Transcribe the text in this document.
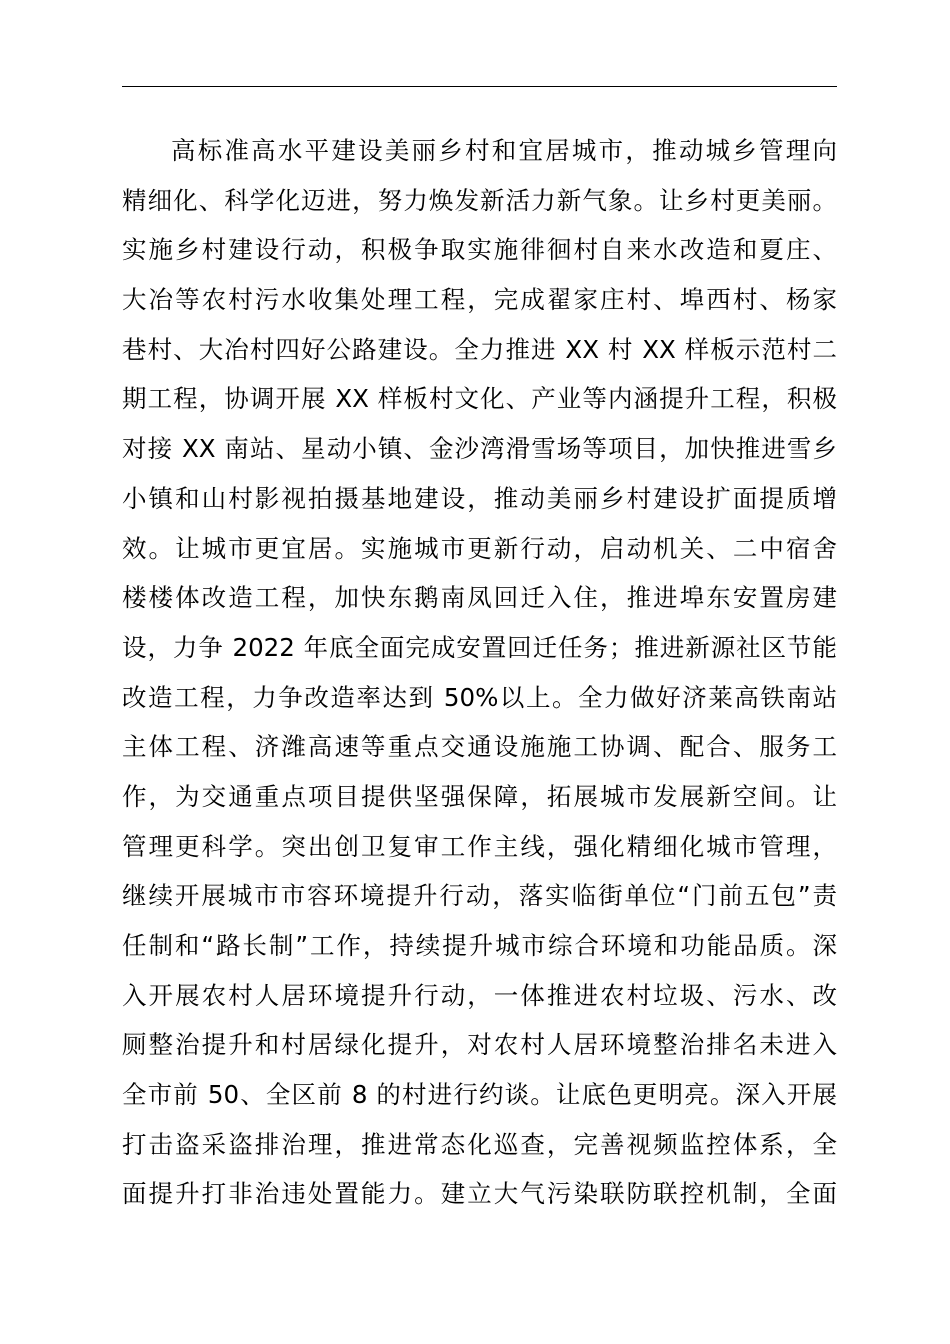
高标准高水平建设美丽乡村和宜居城市，推动城乡管理向
精细化、科学化迈进，努力焕发新活力新气象。让乡村更美丽。
实施乡村建设行动，积极争取实施徘徊村自来水改造和夏庄、
大冶等农村污水收集处理工程，完成翟家庄村、埠西村、杨家
巷村、大冶村四好公路建设。全力推进 XX 村 XX 样板示范村二
期工程，协调开展 XX 样板村文化、产业等内涵提升工程，积极
对接 XX 南站、星动小镇、金沙湾滑雪场等项目，加快推进雪乡
小镇和山村影视拍摄基地建设，推动美丽乡村建设扩面提质增
效。让城市更宜居。实施城市更新行动，启动机关、二中宿舍
楼楼体改造工程，加快东鹅南凤回迁入住，推进埠东安置房建
设，力争 2022 年底全面完成安置回迁任务；推进新源社区节能
改造工程，力争改造率达到 50%以上。全力做好济莱高铁南站
主体工程、济潍高速等重点交通设施施工协调、配合、服务工
作，为交通重点项目提供坚强保障，拓展城市发展新空间。让
管理更科学。突出创卫复审工作主线，强化精细化城市管理，
继续开展城市市容环境提升行动，落实临街单位“门前五包”责
任制和“路长制”工作，持续提升城市综合环境和功能品质。深
入开展农村人居环境提升行动，一体推进农村垃圾、污水、改
厕整治提升和村居绿化提升，对农村人居环境整治排名未进入
全市前 50、全区前 8 的村进行约谈。让底色更明亮。深入开展
打击盗采盗排治理，推进常态化巡查，完善视频监控体系，全
面提升打非治违处置能力。建立大气污染联防联控机制，全面
